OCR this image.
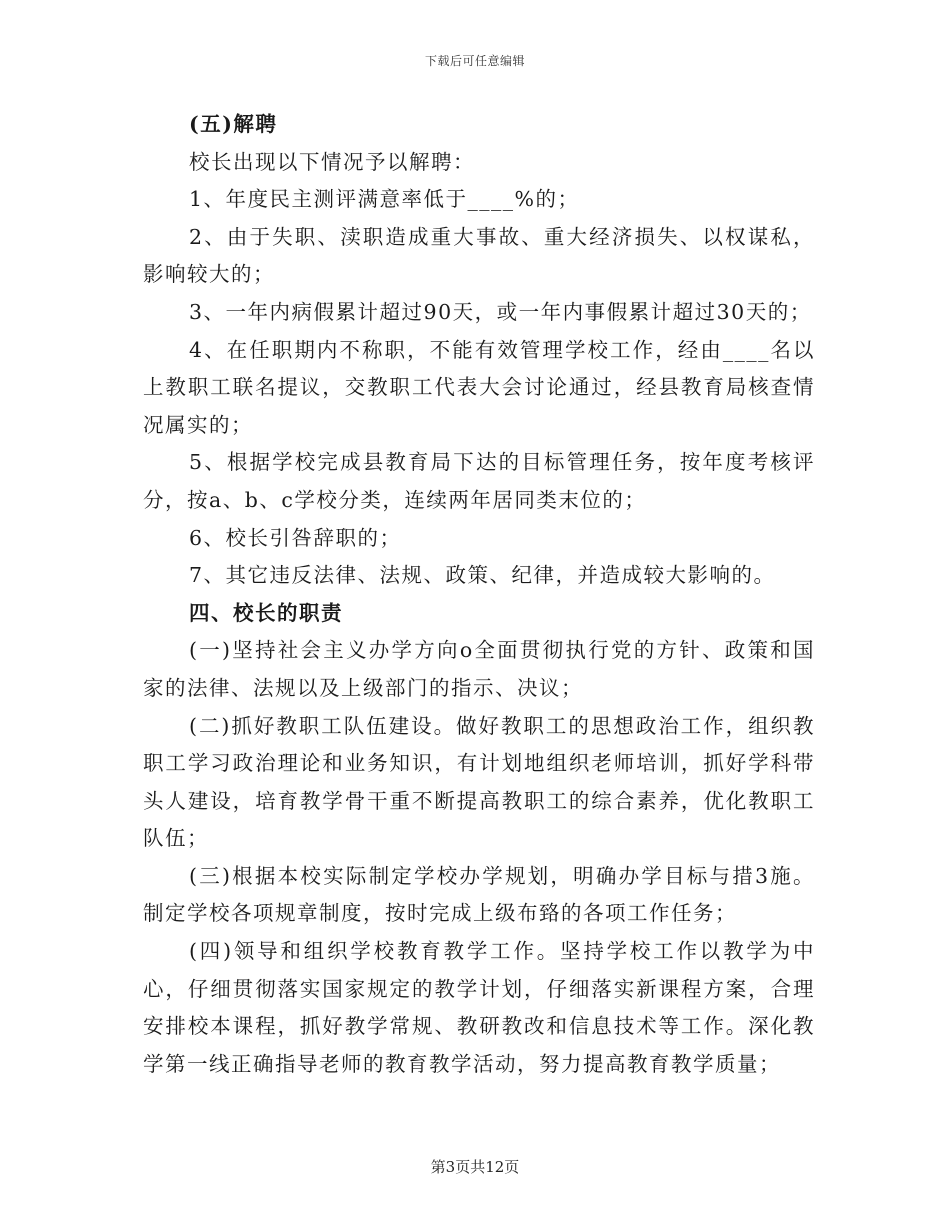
下载后可任意编辑

(五)解聘

校长出现以下情况予以解聘：

1、年度民主测评满意率低于____%的；

2、由于失职、渎职造成重大事故、重大经济损失、以权谋私，影响较大的；

3、一年内病假累计超过90天，或一年内事假累计超过30天的；

4、在任职期内不称职，不能有效管理学校工作，经由____名以上教职工联名提议，交教职工代表大会讨论通过，经县教育局核查情况属实的；

5、根据学校完成县教育局下达的目标管理任务，按年度考核评分，按a、b、c学校分类，连续两年居同类末位的；

6、校长引咎辞职的；

7、其它违反法律、法规、政策、纪律，并造成较大影响的。

四、校长的职责

(一)坚持社会主义办学方向o全面贯彻执行党的方针、政策和国家的法律、法规以及上级部门的指示、决议；

(二)抓好教职工队伍建设。做好教职工的思想政治工作，组织教职工学习政治理论和业务知识，有计划地组织老师培训，抓好学科带头人建设，培育教学骨干重不断提高教职工的综合素养，优化教职工队伍；

(三)根据本校实际制定学校办学规划，明确办学目标与措3施。制定学校各项规章制度，按时完成上级布臵的各项工作任务；

(四)领导和组织学校教育教学工作。坚持学校工作以教学为中心，仔细贯彻落实国家规定的教学计划，仔细落实新课程方案，合理安排校本课程，抓好教学常规、教研教改和信息技术等工作。深化教学第一线正确指导老师的教育教学活动，努力提高教育教学质量；

第3页共12页
